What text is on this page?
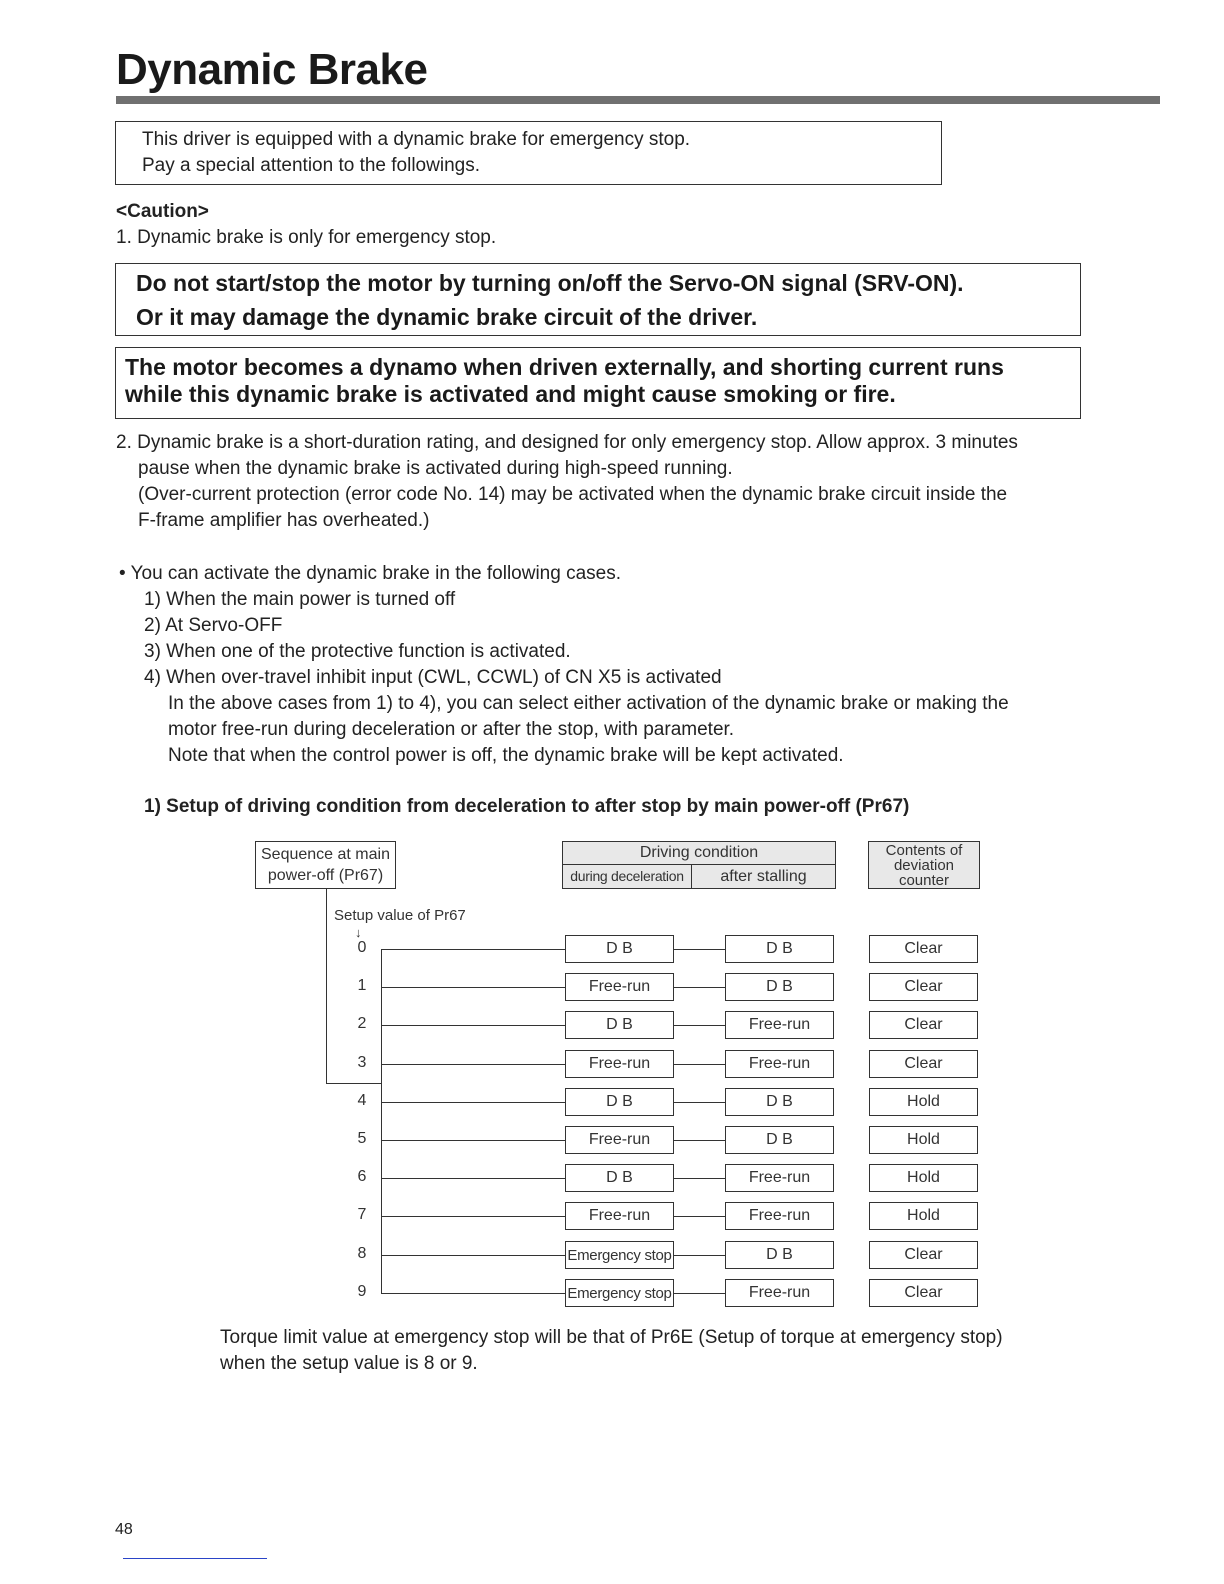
Dynamic Brake
This driver is equipped with a dynamic brake for emergency stop.
Pay a special attention to the followings.
<Caution>
1. Dynamic brake is only for emergency stop.
Do not start/stop the motor by turning on/off the Servo-ON signal (SRV-ON).
Or it may damage the dynamic brake circuit of the driver.
The motor becomes a dynamo when driven externally, and shorting current runs
while this dynamic brake is activated and might cause smoking or fire.
2. Dynamic brake is a short-duration rating, and designed for only emergency stop. Allow approx. 3 minutes
pause when the dynamic brake is activated during high-speed running.
(Over-current protection (error code No. 14) may be activated when the dynamic brake circuit inside the
F-frame amplifier has overheated.)
• You can activate the dynamic brake in the following cases.
1) When the main power is turned off
2) At Servo-OFF
3) When one of the protective function is activated.
4) When over-travel inhibit input (CWL, CCWL) of CN X5 is activated
In the above cases from 1) to 4), you can select either activation of the dynamic brake or making the
motor free-run during deceleration or after the stop, with parameter.
Note that when the control power is off, the dynamic brake will be kept activated.
1) Setup of driving condition from deceleration to after stop by main power-off (Pr67)
Sequence at main
power-off (Pr67)
Driving condition
during deceleration	after stalling
Contents of
deviation
counter
Setup value of Pr67
↓
0	D B	D B	Clear
1	Free-run	D B	Clear
2	D B	Free-run	Clear
3	Free-run	Free-run	Clear
4	D B	D B	Hold
5	Free-run	D B	Hold
6	D B	Free-run	Hold
7	Free-run	Free-run	Hold
8	Emergency stop	D B	Clear
9	Emergency stop	Free-run	Clear
Torque limit value at emergency stop will be that of Pr6E (Setup of torque at emergency stop)
when the setup value is 8 or 9.
48
